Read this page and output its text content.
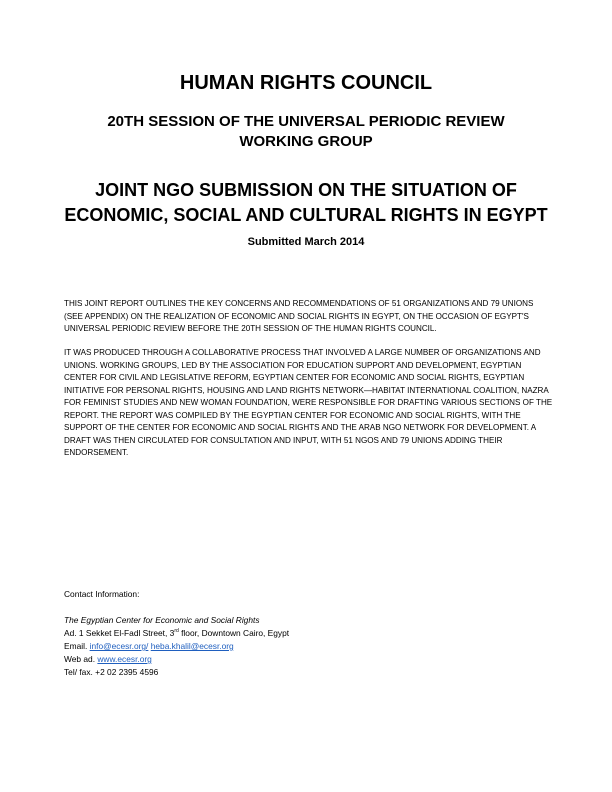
HUMAN RIGHTS COUNCIL
20TH SESSION OF THE UNIVERSAL PERIODIC REVIEW
WORKING GROUP
JOINT NGO SUBMISSION ON THE SITUATION OF
ECONOMIC, SOCIAL AND CULTURAL RIGHTS IN EGYPT
Submitted March 2014

THIS JOINT REPORT OUTLINES THE KEY CONCERNS AND RECOMMENDATIONS OF 51 ORGANIZATIONS AND 79 UNIONS (SEE APPENDIX) ON THE REALIZATION OF ECONOMIC AND SOCIAL RIGHTS IN EGYPT, ON THE OCCASION OF EGYPT'S UNIVERSAL PERIODIC REVIEW BEFORE THE 20TH SESSION OF THE HUMAN RIGHTS COUNCIL.

IT WAS PRODUCED THROUGH A COLLABORATIVE PROCESS THAT INVOLVED A LARGE NUMBER OF ORGANIZATIONS AND UNIONS. WORKING GROUPS, LED BY THE ASSOCIATION FOR EDUCATION SUPPORT AND DEVELOPMENT, EGYPTIAN CENTER FOR CIVIL AND LEGISLATIVE REFORM, EGYPTIAN CENTER FOR ECONOMIC AND SOCIAL RIGHTS, EGYPTIAN INITIATIVE FOR PERSONAL RIGHTS, HOUSING AND LAND RIGHTS NETWORK—HABITAT INTERNATIONAL COALITION, NAZRA FOR FEMINIST STUDIES AND NEW WOMAN FOUNDATION, WERE RESPONSIBLE FOR DRAFTING VARIOUS SECTIONS OF THE REPORT. THE REPORT WAS COMPILED BY THE EGYPTIAN CENTER FOR ECONOMIC AND SOCIAL RIGHTS, WITH THE SUPPORT OF THE CENTER FOR ECONOMIC AND SOCIAL RIGHTS AND THE ARAB NGO NETWORK FOR DEVELOPMENT. A DRAFT WAS THEN CIRCULATED FOR CONSULTATION AND INPUT, WITH 51 NGOS AND 79 UNIONS ADDING THEIR ENDORSEMENT.

Contact Information:

The Egyptian Center for Economic and Social Rights
Ad. 1 Sekket El-Fadl Street, 3rd floor, Downtown Cairo, Egypt
Email. info@ecesr.org/ heba.khalil@ecesr.org
Web ad. www.ecesr.org
Tel/ fax. +2 02 2395 4596
